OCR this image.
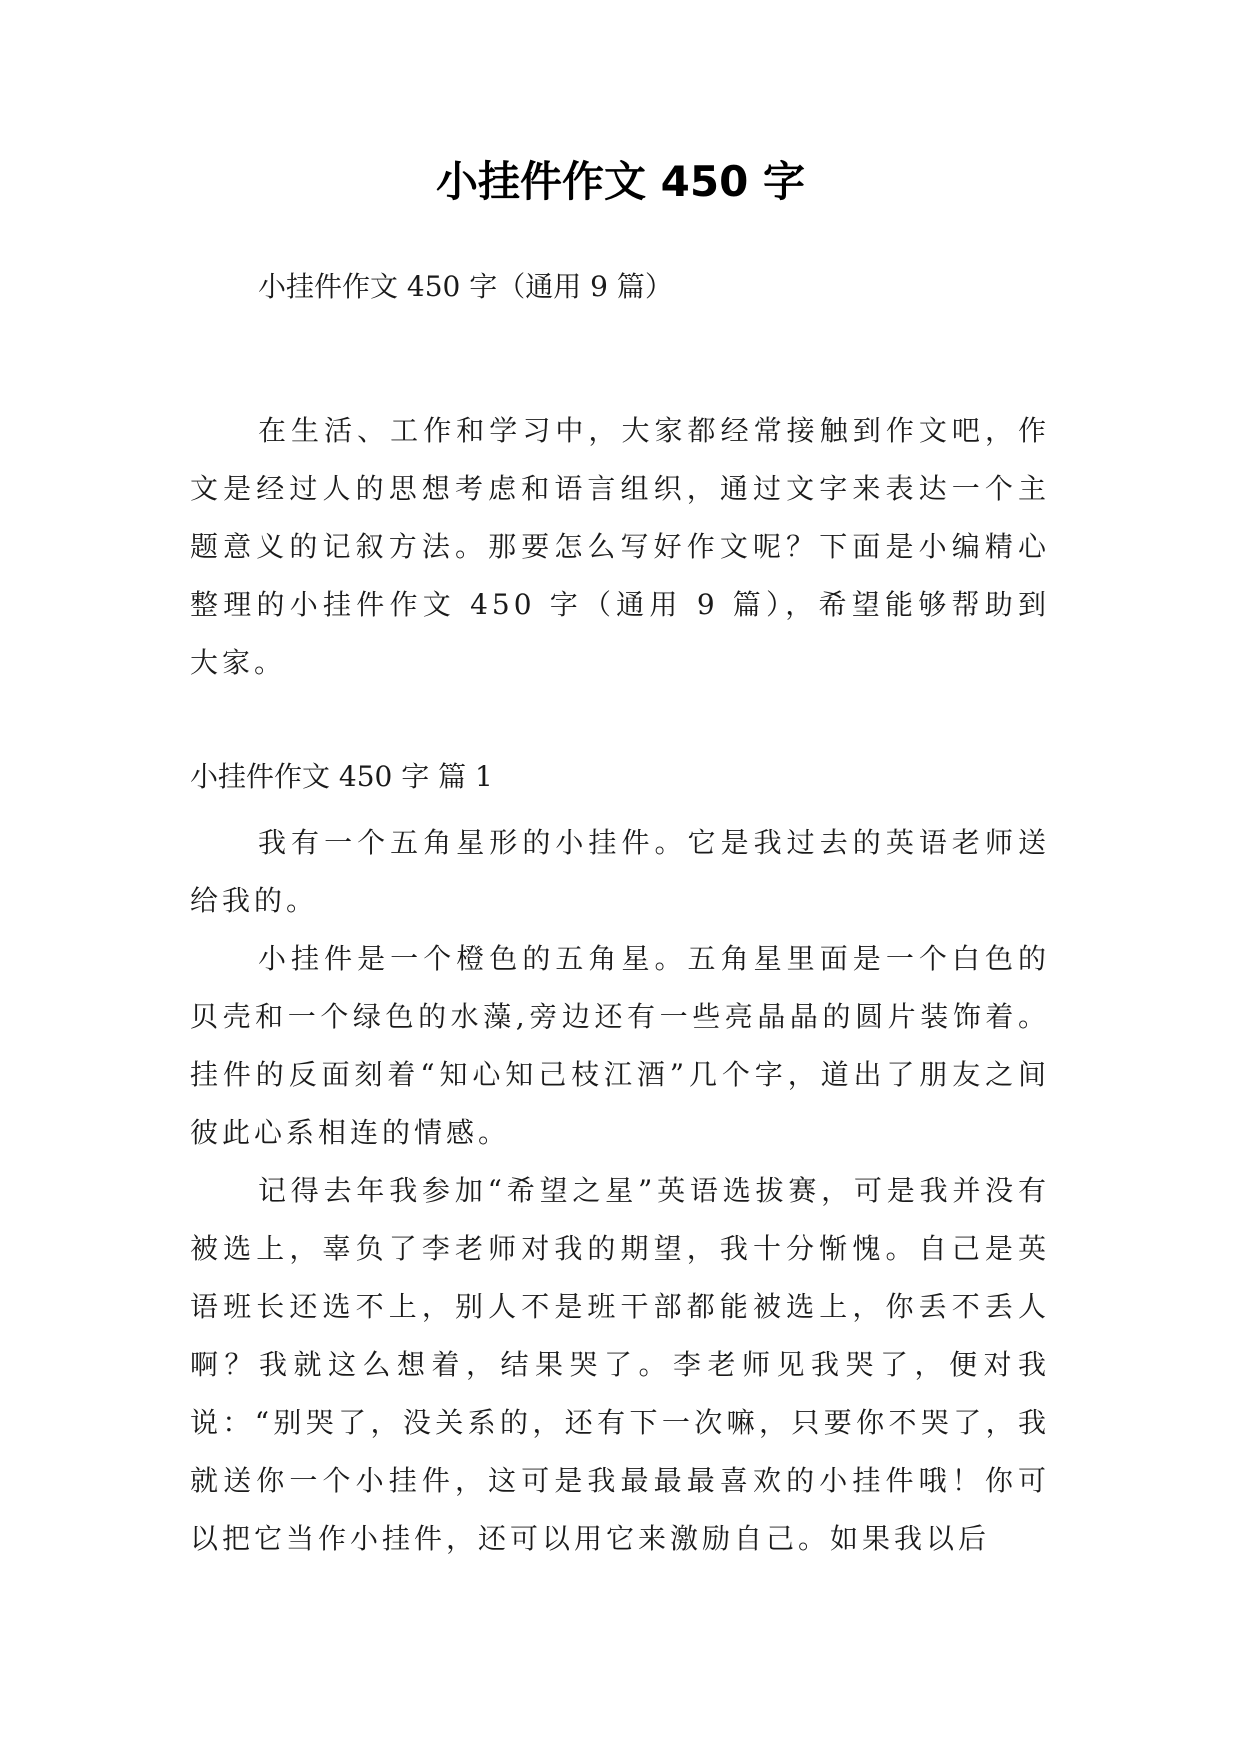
小挂件作文 450 字

小挂件作文 450 字（通用 9 篇）

在生活、工作和学习中，大家都经常接触到作文吧，作文是经过人的思想考虑和语言组织，通过文字来表达一个主题意义的记叙方法。那要怎么写好作文呢？下面是小编精心整理的小挂件作文 450 字（通用 9 篇），希望能够帮助到大家。

小挂件作文 450 字 篇 1

我有一个五角星形的小挂件。它是我过去的英语老师送给我的。

小挂件是一个橙色的五角星。五角星里面是一个白色的贝壳和一个绿色的水藻,旁边还有一些亮晶晶的圆片装饰着。挂件的反面刻着“知心知己枝江酒”几个字，道出了朋友之间彼此心系相连的情感。

记得去年我参加“希望之星”英语选拔赛，可是我并没有被选上，辜负了李老师对我的期望，我十分惭愧。自己是英语班长还选不上，别人不是班干部都能被选上，你丢不丢人啊？我就这么想着，结果哭了。李老师见我哭了，便对我说：“别哭了，没关系的，还有下一次嘛，只要你不哭了，我就送你一个小挂件，这可是我最最最喜欢的小挂件哦！你可以把它当作小挂件，还可以用它来激励自己。如果我以后
